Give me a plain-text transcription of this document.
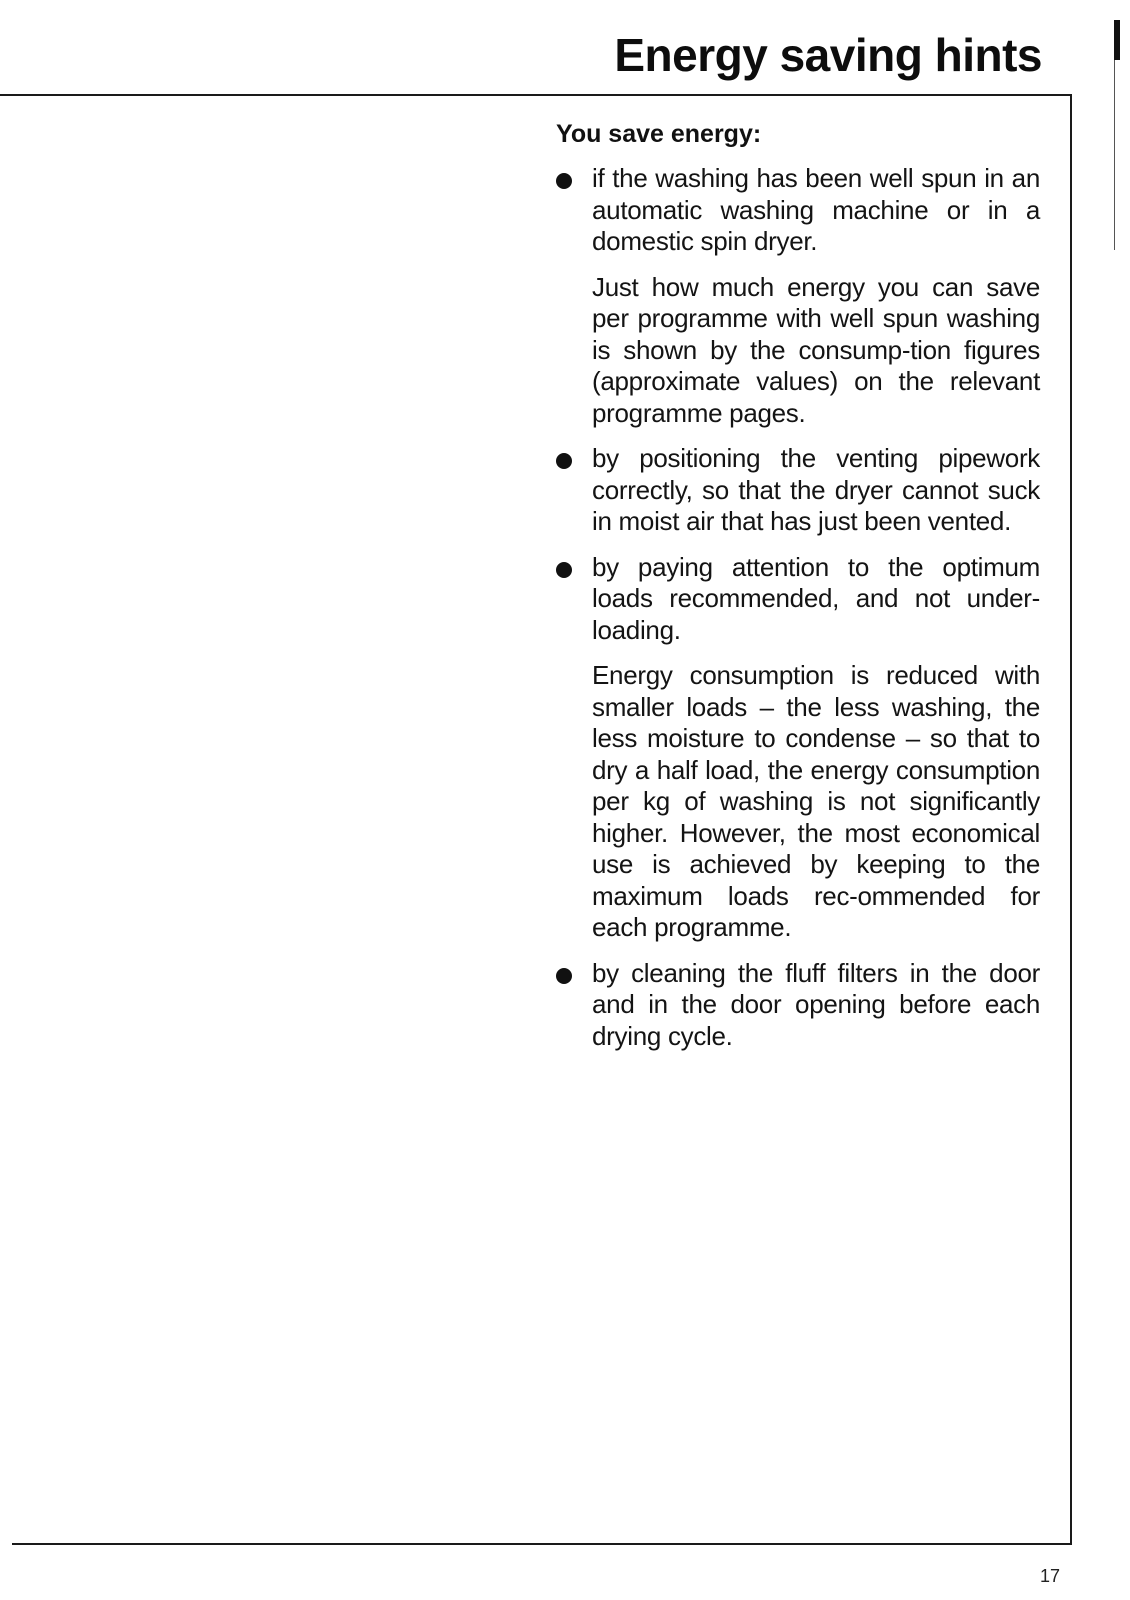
Energy saving hints
You save energy:

if the washing has been well spun in an automatic washing machine or in a domestic spin dryer.

Just how much energy you can save per programme with well spun washing is shown by the consump-tion figures (approximate values) on the relevant programme pages.

by positioning the venting pipework correctly, so that the dryer cannot suck in moist air that has just been vented.

by paying attention to the optimum loads recommended, and not under-loading.

Energy consumption is reduced with smaller loads – the less washing, the less moisture to condense – so that to dry a half load, the energy consumption per kg of washing is not significantly higher. However, the most economical use is achieved by keeping to the maximum loads rec-ommended for each programme.

by cleaning the fluff filters in the door and in the door opening before each drying cycle.

17
